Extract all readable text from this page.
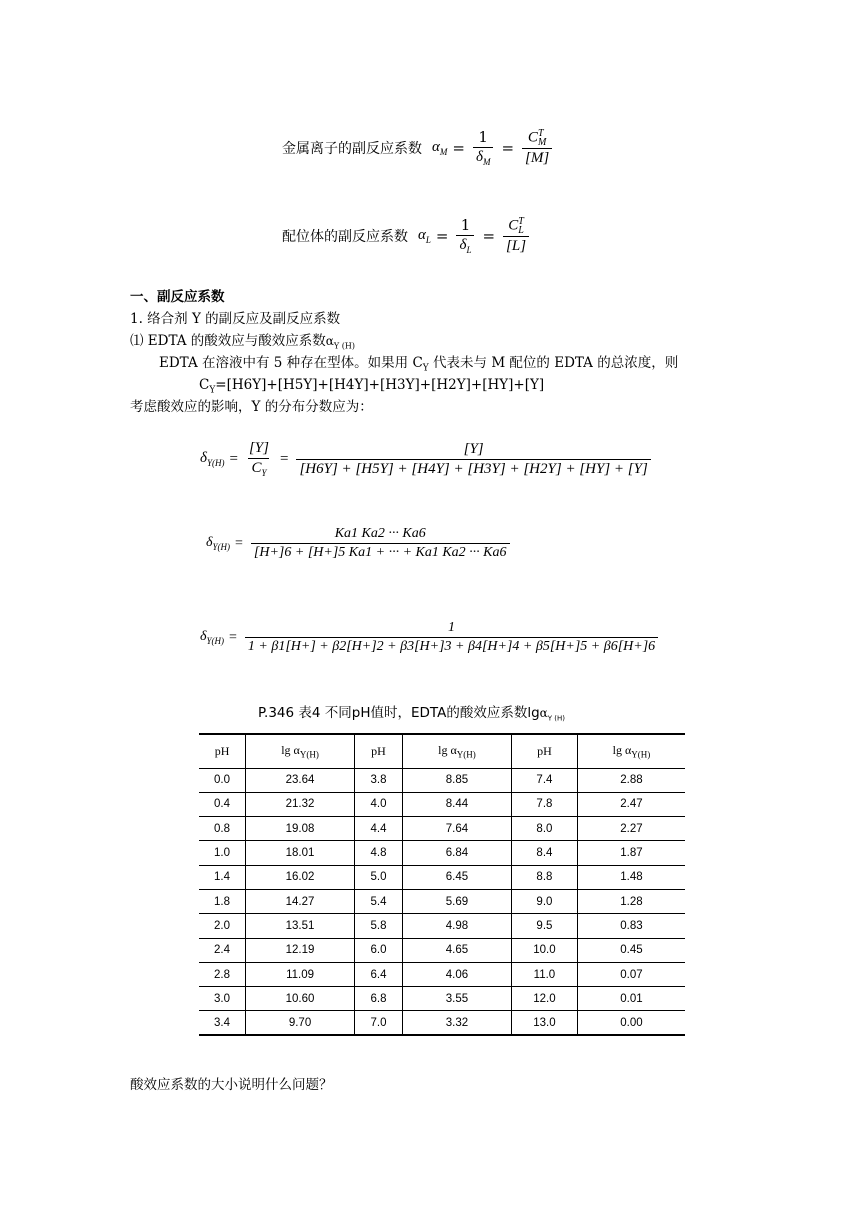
金属离子的副反应系数 $\alpha_M = \frac{1}{\delta_M} = C$ T
M
[M]
配位体的副反应系数 $\alpha_L = \frac{1}{\delta_L} = C$ T
L
[L]
一、副反应系数
1. 络合剂 Y 的副反应及副反应系数
⑴ EDTA 的酸效应与酸效应系数$\alpha_{Y (H)}$
EDTA 在溶液中有 5 种存在型体。如果用 $C_Y$ 代表未与 M 配位的 EDTA 的总浓度，则
$C_Y=[H6Y]+[H5Y]+[H4Y]+[H3Y]+[H2Y]+[HY]+[Y]$
考虑酸效应的影响，Y 的分布分数应为：
$\delta_{Y(H)} = \frac{[Y]}{C_Y} = \frac{[Y]}{[H6Y] + [H5Y] + [H4Y] + [H3Y] + [H2Y] + [HY] + [Y]}$
$\delta_{Y(H)} = \frac{Ka1 Ka2 \cdot\cdot\cdot Ka6}{[H+]6 + [H+]5 Ka1 + \cdot\cdot\cdot + Ka1 Ka2 \cdot\cdot\cdot Ka6}$
$\delta_{Y(H)} = \frac{1}{1 + \beta 1[H+] + \beta 2[H+]2 + \beta 3[H+]3 + \beta 4[H+]4 + \beta 5[H+]5 + \beta 6[H+]6}$
P.346 表4 不同pH值时，EDTA的酸效应系数lgα$_{Y (H)}$
pH	$\lg \alpha_{Y(H)}$	pH	$\lg \alpha_{Y(H)}$	pH	$\lg \alpha_{Y(H)}$
0.0	23.64	3.8	8.85	7.4	2.88
0.4	21.32	4.0	8.44	7.8	2.47
0.8	19.08	4.4	7.64	8.0	2.27
1.0	18.01	4.8	6.84	8.4	1.87
1.4	16.02	5.0	6.45	8.8	1.48
1.8	14.27	5.4	5.69	9.0	1.28
2.0	13.51	5.8	4.98	9.5	0.83
2.4	12.19	6.0	4.65	10.0	0.45
2.8	11.09	6.4	4.06	11.0	0.07
3.0	10.60	6.8	3.55	12.0	0.01
3.4	9.70	7.0	3.32	13.0	0.00
酸效应系数的大小说明什么问题？
